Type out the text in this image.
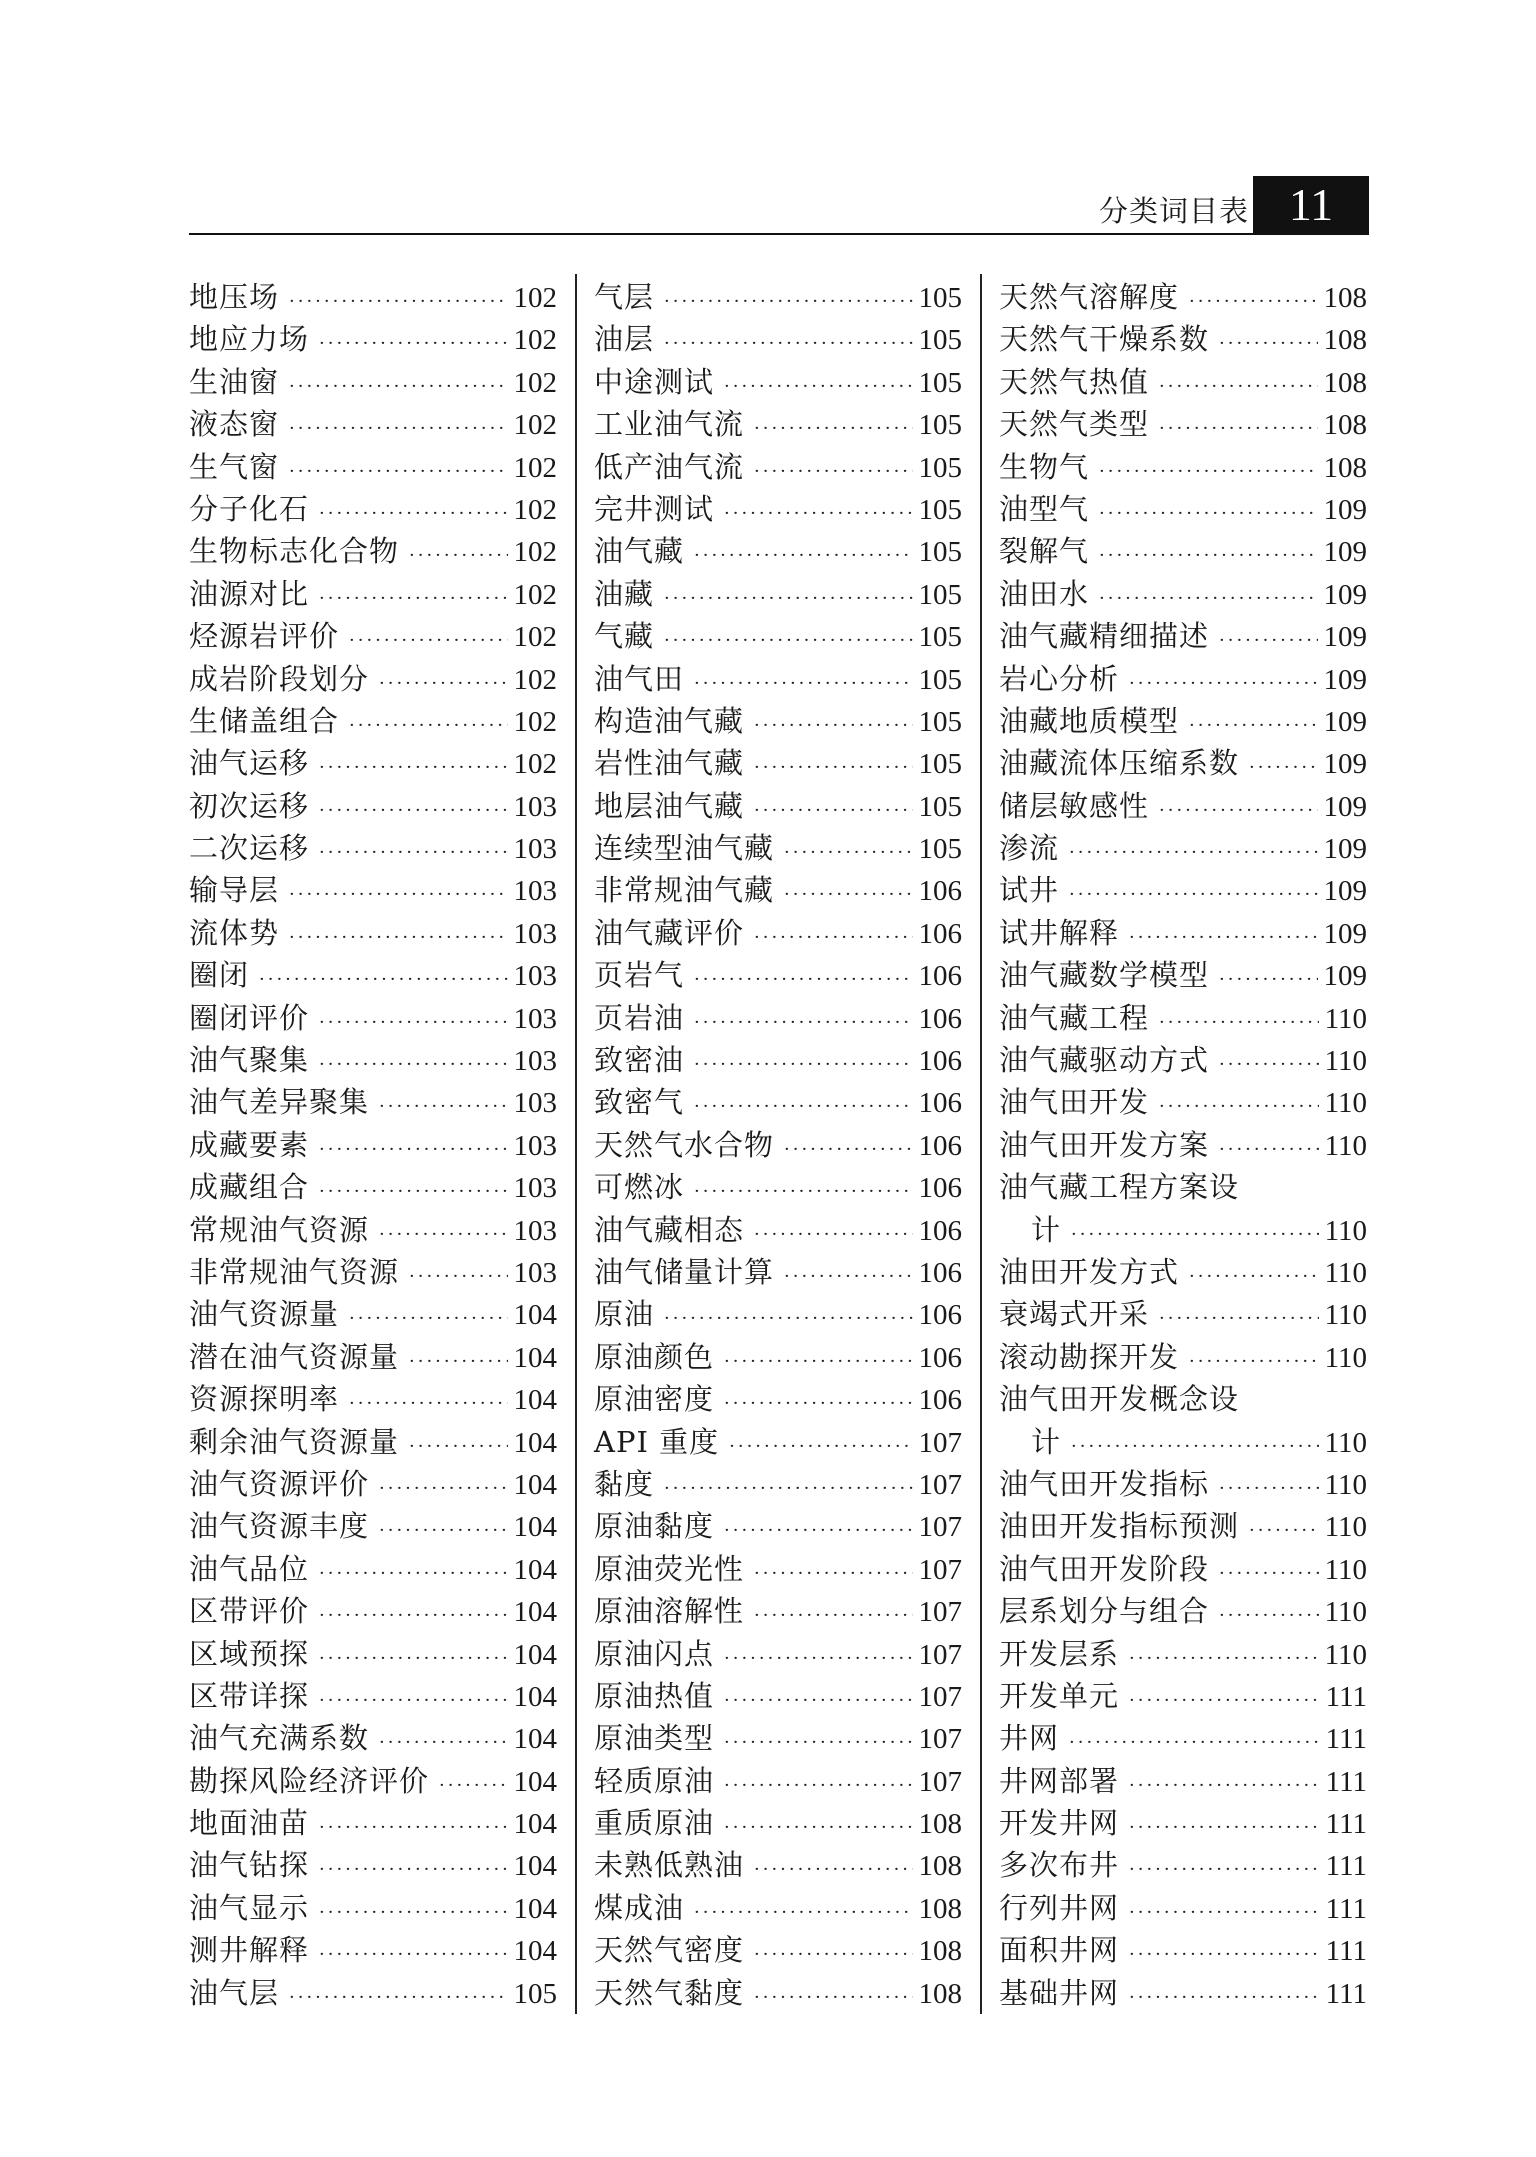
分类词目表 11
地压场 ·····	102
地应力场 ·····	102
生油窗 ·····	102
液态窗 ·····	102
生气窗 ·····	102
分子化石 ·····	102
生物标志化合物 ·····	102
油源对比 ·····	102
烃源岩评价 ·····	102
成岩阶段划分 ·····	102
生储盖组合 ·····	102
油气运移 ·····	102
初次运移 ·····	103
二次运移 ·····	103
输导层 ·····	103
流体势 ·····	103
圈闭 ·····	103
圈闭评价 ·····	103
油气聚集 ·····	103
油气差异聚集 ·····	103
成藏要素 ·····	103
成藏组合 ·····	103
常规油气资源 ·····	103
非常规油气资源 ·····	103
油气资源量 ·····	104
潜在油气资源量 ·····	104
资源探明率 ·····	104
剩余油气资源量 ·····	104
油气资源评价 ·····	104
油气资源丰度 ·····	104
油气品位 ·····	104
区带评价 ·····	104
区域预探 ·····	104
区带详探 ·····	104
油气充满系数 ·····	104
勘探风险经济评价 ·····	104
地面油苗 ·····	104
油气钻探 ·····	104
油气显示 ·····	104
测井解释 ·····	104
油气层 ·····	105
气层 ·····	105
油层 ·····	105
中途测试 ·····	105
工业油气流 ·····	105
低产油气流 ·····	105
完井测试 ·····	105
油气藏 ·····	105
油藏 ·····	105
气藏 ·····	105
油气田 ·····	105
构造油气藏 ·····	105
岩性油气藏 ·····	105
地层油气藏 ·····	105
连续型油气藏 ·····	105
非常规油气藏 ·····	106
油气藏评价 ·····	106
页岩气 ·····	106
页岩油 ·····	106
致密油 ·····	106
致密气 ·····	106
天然气水合物 ·····	106
可燃冰 ·····	106
油气藏相态 ·····	106
油气储量计算 ·····	106
原油 ·····	106
原油颜色 ·····	106
原油密度 ·····	106
API 重度 ·····	107
黏度 ·····	107
原油黏度 ·····	107
原油荧光性 ·····	107
原油溶解性 ·····	107
原油闪点 ·····	107
原油热值 ·····	107
原油类型 ·····	107
轻质原油 ·····	107
重质原油 ·····	108
未熟低熟油 ·····	108
煤成油 ·····	108
天然气密度 ·····	108
天然气黏度 ·····	108
天然气溶解度 ·····	108
天然气干燥系数 ·····	108
天然气热值 ·····	108
天然气类型 ·····	108
生物气 ·····	108
油型气 ·····	109
裂解气 ·····	109
油田水 ·····	109
油气藏精细描述 ·····	109
岩心分析 ·····	109
油藏地质模型 ·····	109
油藏流体压缩系数 ·····	109
储层敏感性 ·····	109
渗流 ·····	109
试井 ·····	109
试井解释 ·····	109
油气藏数学模型 ·····	109
油气藏工程 ·····	110
油气藏驱动方式 ·····	110
油气田开发 ·····	110
油气田开发方案 ·····	110
油气藏工程方案设
计 ·····	110
油田开发方式 ·····	110
衰竭式开采 ·····	110
滚动勘探开发 ·····	110
油气田开发概念设
计 ·····	110
油气田开发指标 ·····	110
油田开发指标预测 ·····	110
油气田开发阶段 ·····	110
层系划分与组合 ·····	110
开发层系 ·····	110
开发单元 ·····	111
井网 ·····	111
井网部署 ·····	111
开发井网 ·····	111
多次布井 ·····	111
行列井网 ·····	111
面积井网 ·····	111
基础井网 ·····	111
